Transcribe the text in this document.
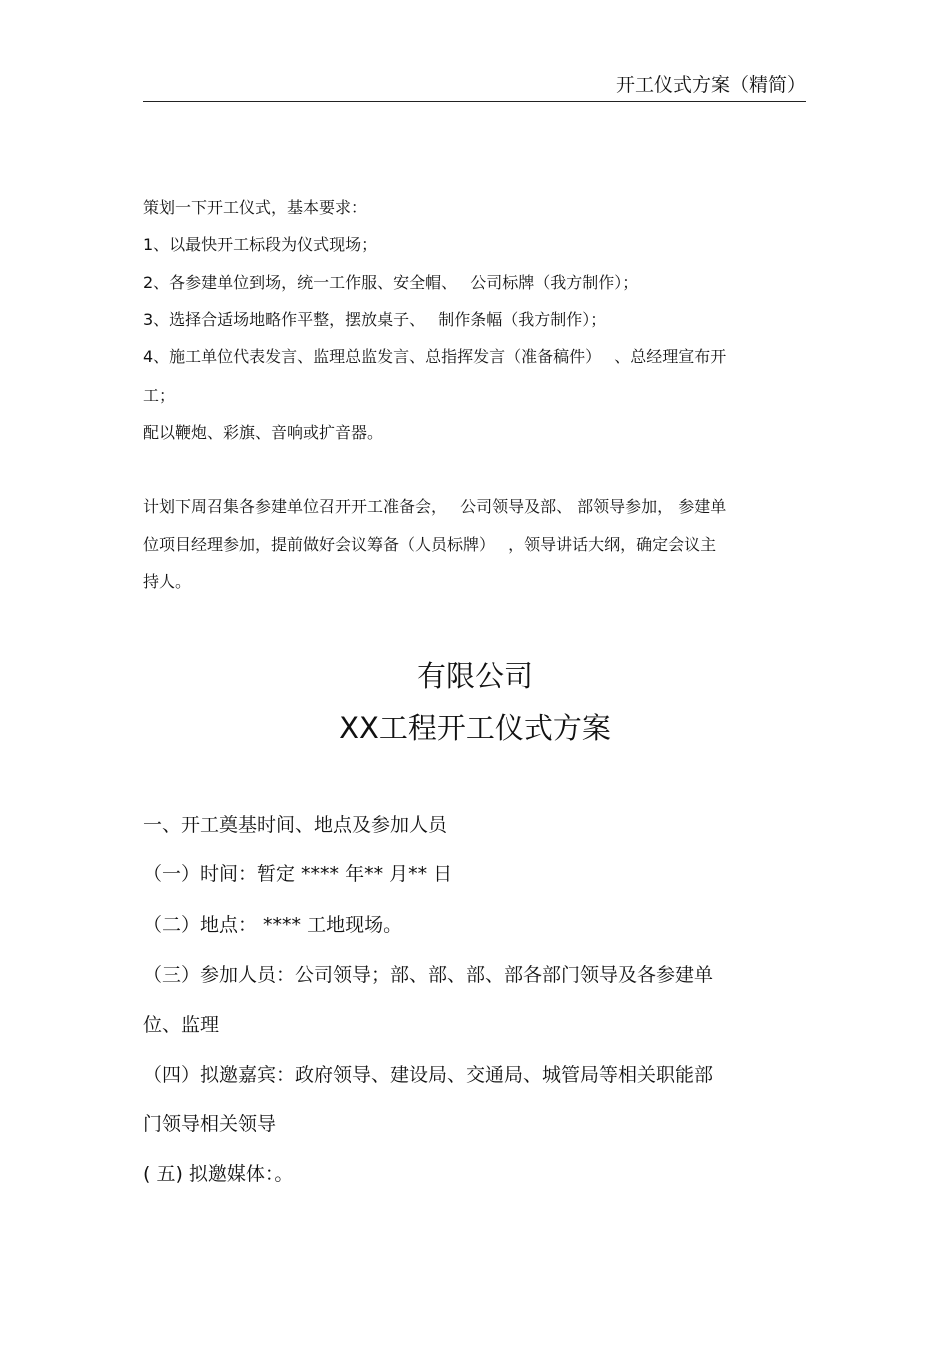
开工仪式方案（精简）
策划一下开工仪式，基本要求：
1、以最快开工标段为仪式现场；
2、各参建单位到场，统一工作服、安全帽、　 公司标牌（我方制作）；
3、选择合适场地略作平整，摆放桌子、　 制作条幅（我方制作）；
4、施工单位代表发言、监理总监发言、总指挥发言（准备稿件）　 、总经理宣布开
工；
配以鞭炮、彩旗、音响或扩音器。
计划下周召集各参建单位召开开工准备会，　 公司领导及部、 部领导参加， 参建单
位项目经理参加，提前做好会议筹备（人员标牌）　 ，领导讲话大纲，确定会议主
持人。
有限公司
XX工程开工仪式方案
一、开工奠基时间、地点及参加人员
（一）时间：暂定 **** 年** 月** 日
（二）地点： **** 工地现场。
（三）参加人员：公司领导；部、部、部、部各部门领导及各参建单
位、监理
（四）拟邀嘉宾：政府领导、建设局、交通局、城管局等相关职能部
门领导相关领导
( 五) 拟邀媒体：。
